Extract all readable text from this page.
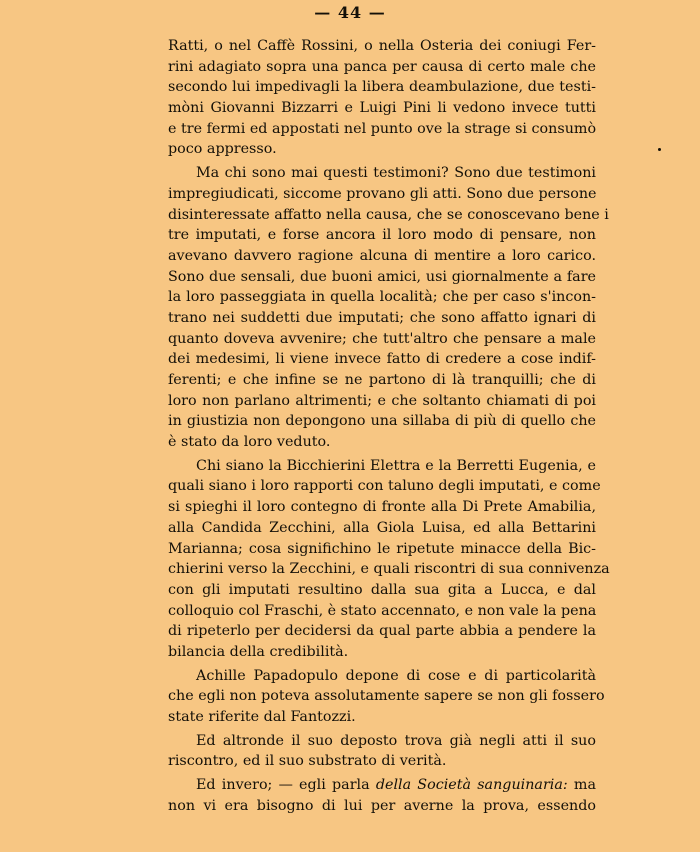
— 44 —
Ratti, o nel Caffè Rossini, o nella Osteria dei coniugi Fer-
rini adagiato sopra una panca per causa di certo male che
secondo lui impedivagli la libera deambulazione, due testi-
mòni Giovanni Bizzarri e Luigi Pini li vedono invece tutti
e tre fermi ed appostati nel punto ove la strage si consumò
poco appresso.
Ma chi sono mai questi testimoni? Sono due testimoni
impregiudicati, siccome provano gli atti. Sono due persone
disinteressate affatto nella causa, che se conoscevano bene i
tre imputati, e forse ancora il loro modo di pensare, non
avevano davvero ragione alcuna di mentire a loro carico.
Sono due sensali, due buoni amici, usi giornalmente a fare
la loro passeggiata in quella località; che per caso s'incon-
trano nei suddetti due imputati; che sono affatto ignari di
quanto doveva avvenire; che tutt'altro che pensare a male
dei medesimi, li viene invece fatto di credere a cose indif-
ferenti; e che infine se ne partono di là tranquilli; che di
loro non parlano altrimenti; e che soltanto chiamati di poi
in giustizia non depongono una sillaba di più di quello che
è stato da loro veduto.
Chi siano la Bicchierini Elettra e la Berretti Eugenia, e
quali siano i loro rapporti con taluno degli imputati, e come
si spieghi il loro contegno di fronte alla Di Prete Amabilia,
alla Candida Zecchini, alla Giola Luisa, ed alla Bettarini
Marianna; cosa significhino le ripetute minacce della Bic-
chierini verso la Zecchini, e quali riscontri di sua connivenza
con gli imputati resultino dalla sua gita a Lucca, e dal
colloquio col Fraschi, è stato accennato, e non vale la pena
di ripeterlo per decidersi da qual parte abbia a pendere la
bilancia della credibilità.
Achille Papadopulo depone di cose e di particolarità
che egli non poteva assolutamente sapere se non gli fossero
state riferite dal Fantozzi.
Ed altronde il suo deposto trova già negli atti il suo
riscontro, ed il suo substrato di verità.
Ed invero; — egli parla della Società sanguinaria: ma
non vi era bisogno di lui per averne la prova, essendo
